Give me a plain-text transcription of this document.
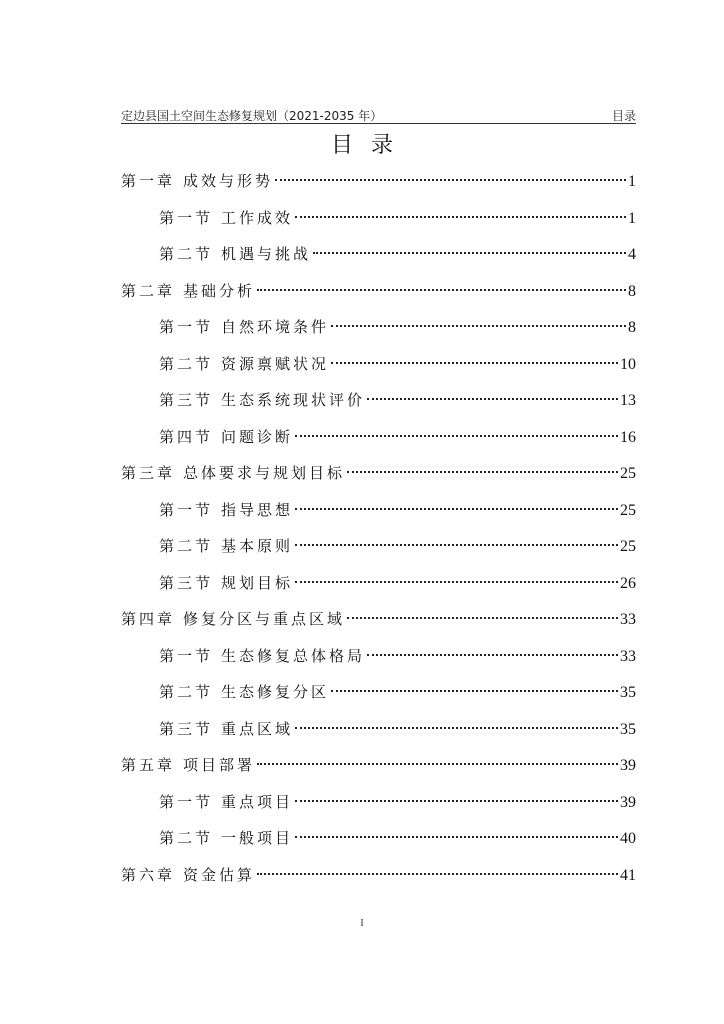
定边县国土空间生态修复规划（2021-2035 年）	目录
目录
第一章 成效与形势	1
第一节 工作成效	1
第二节 机遇与挑战	4
第二章 基础分析	8
第一节 自然环境条件	8
第二节 资源禀赋状况	10
第三节 生态系统现状评价	13
第四节 问题诊断	16
第三章 总体要求与规划目标	25
第一节 指导思想	25
第二节 基本原则	25
第三节 规划目标	26
第四章 修复分区与重点区域	33
第一节 生态修复总体格局	33
第二节 生态修复分区	35
第三节 重点区域	35
第五章 项目部署	39
第一节 重点项目	39
第二节 一般项目	40
第六章 资金估算	41
I
